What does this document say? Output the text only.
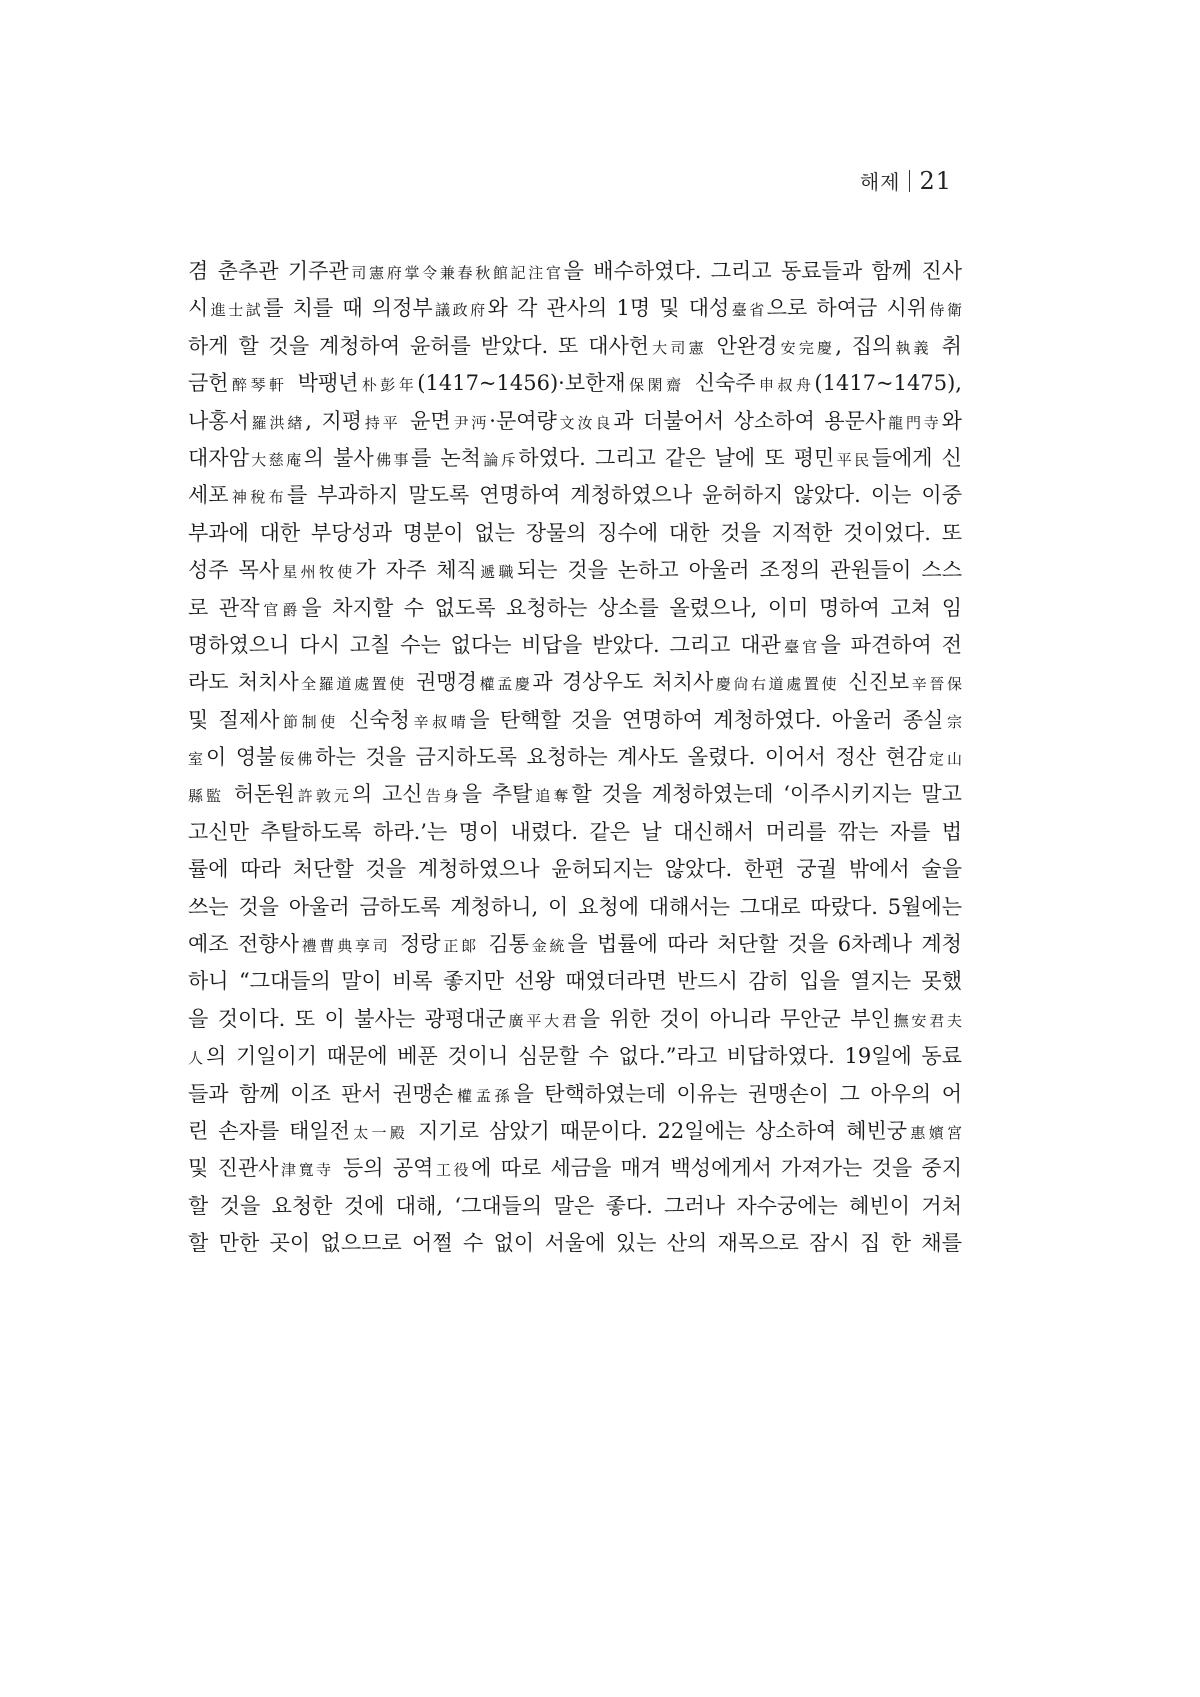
해제 21
겸 춘추관 기주관司憲府掌令兼春秋館記注官을 배수하였다. 그리고 동료들과 함께 진사
시進士試를 치를 때 의정부議政府와 각 관사의 1명 및 대성臺省으로 하여금 시위侍衛
하게 할 것을 계청하여 윤허를 받았다. 또 대사헌大司憲 안완경安完慶, 집의執義 취
금헌醉琴軒 박팽년朴彭年(1417~1456)·보한재保閑齋 신숙주申叔舟(1417~1475),
나홍서羅洪緖, 지평持平 윤면尹沔·문여량文汝良과 더불어서 상소하여 용문사龍門寺와
대자암大慈庵의 불사佛事를 논척論斥하였다. 그리고 같은 날에 또 평민平民들에게 신
세포神稅布를 부과하지 말도록 연명하여 계청하였으나 윤허하지 않았다. 이는 이중
부과에 대한 부당성과 명분이 없는 장물의 징수에 대한 것을 지적한 것이었다. 또
성주 목사星州牧使가 자주 체직遞職되는 것을 논하고 아울러 조정의 관원들이 스스
로 관작官爵을 차지할 수 없도록 요청하는 상소를 올렸으나, 이미 명하여 고쳐 임
명하였으니 다시 고칠 수는 없다는 비답을 받았다. 그리고 대관臺官을 파견하여 전
라도 처치사全羅道處置使 권맹경權孟慶과 경상우도 처치사慶尙右道處置使 신진보辛晉保
및 절제사節制使 신숙청辛叔晴을 탄핵할 것을 연명하여 계청하였다. 아울러 종실宗
室이 영불佞佛하는 것을 금지하도록 요청하는 계사도 올렸다. 이어서 정산 현감定山
縣監 허돈원許敦元의 고신告身을 추탈追奪할 것을 계청하였는데 ‘이주시키지는 말고
고신만 추탈하도록 하라.’는 명이 내렸다. 같은 날 대신해서 머리를 깎는 자를 법
률에 따라 처단할 것을 계청하였으나 윤허되지는 않았다. 한편 궁궐 밖에서 술을
쓰는 것을 아울러 금하도록 계청하니, 이 요청에 대해서는 그대로 따랐다. 5월에는
예조 전향사禮曹典享司 정랑正郞 김통金統을 법률에 따라 처단할 것을 6차례나 계청
하니 “그대들의 말이 비록 좋지만 선왕 때였더라면 반드시 감히 입을 열지는 못했
을 것이다. 또 이 불사는 광평대군廣平大君을 위한 것이 아니라 무안군 부인撫安君夫
人의 기일이기 때문에 베푼 것이니 심문할 수 없다.”라고 비답하였다. 19일에 동료
들과 함께 이조 판서 권맹손權孟孫을 탄핵하였는데 이유는 권맹손이 그 아우의 어
린 손자를 태일전太一殿 지기로 삼았기 때문이다. 22일에는 상소하여 혜빈궁惠嬪宮
및 진관사津寬寺 등의 공역工役에 따로 세금을 매겨 백성에게서 가져가는 것을 중지
할 것을 요청한 것에 대해, ‘그대들의 말은 좋다. 그러나 자수궁에는 혜빈이 거처
할 만한 곳이 없으므로 어쩔 수 없이 서울에 있는 산의 재목으로 잠시 집 한 채를
